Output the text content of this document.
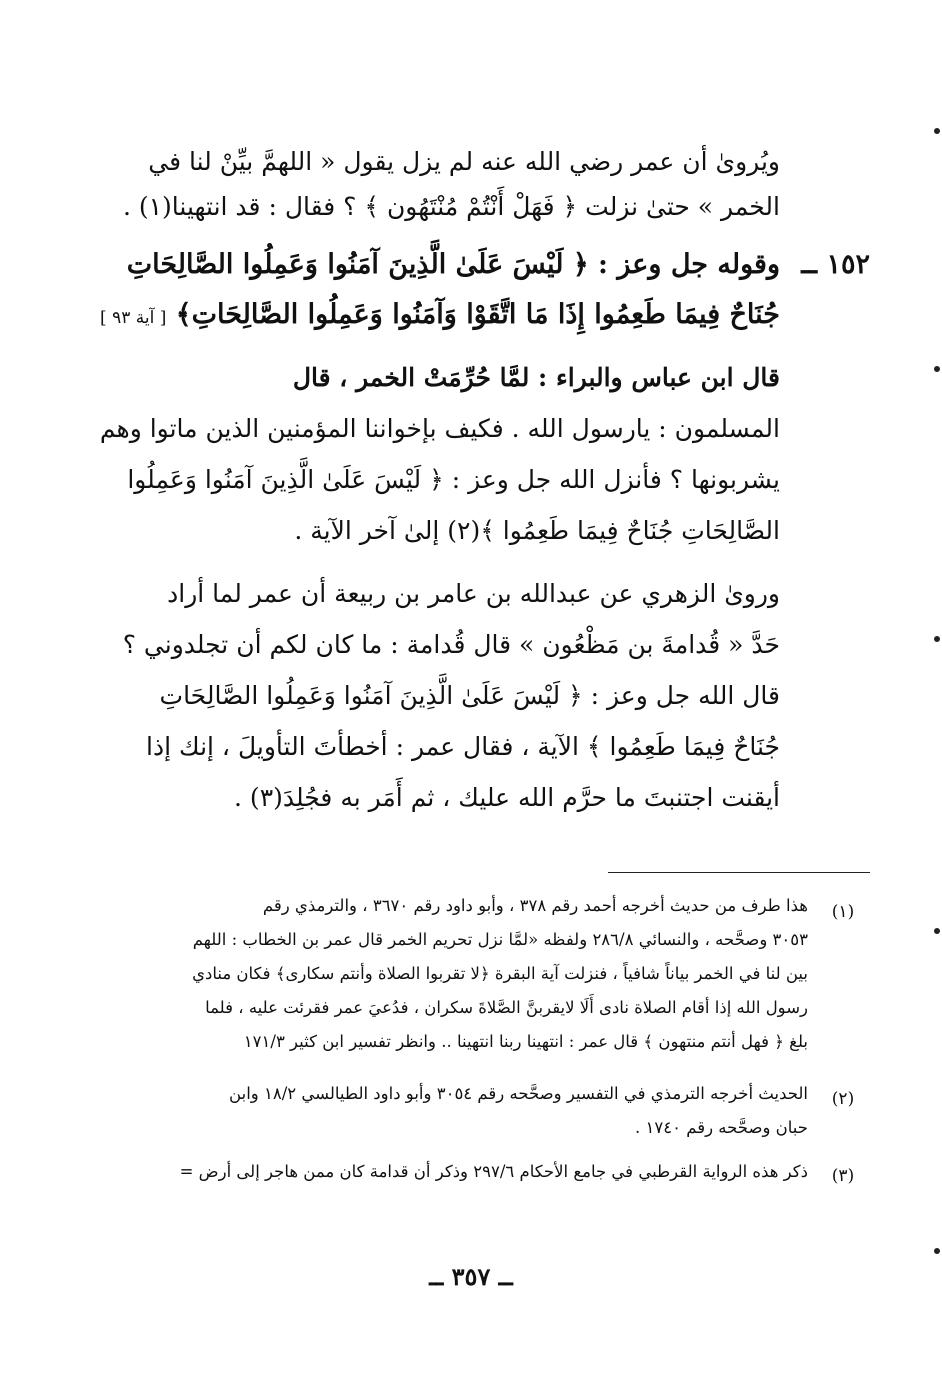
ويُروىٰ أن عمر رضي الله عنه لم يزل يقول « اللهمَّ بيِّنْ لنا في
الخمر » حتىٰ نزلت ﴿ فَهَلْ أَنْتُمْ مُنْتَهُون ﴾ ؟ فقال : قد انتهينا(١) .
١٥٢ ــ
وقوله جل وعز : ﴿ لَيْسَ عَلَىٰ الَّذِينَ آمَنُوا وَعَمِلُوا الصَّالِحَاتِ
جُنَاحٌ فِيمَا طَعِمُوا إِذَا مَا اتَّقَوْا وَآمَنُوا وَعَمِلُوا الصَّالِحَاتِ﴾ [ آية ٩٣ ]
قال ابن عباس والبراء : لمَّا حُرِّمَتْ الخمر ، قال
المسلمون : يارسول الله . فكيف بإخواننا المؤمنين الذين ماتوا وهم
يشربونها ؟ فأنزل الله جل وعز : ﴿ لَيْسَ عَلَىٰ الَّذِينَ آمَنُوا وَعَمِلُوا
الصَّالِحَاتِ جُنَاحٌ فِيمَا طَعِمُوا ﴾(٢) إلىٰ آخر الآية .
وروىٰ الزهري عن عبدالله بن عامر بن ربيعة أن عمر لما أراد
حَدَّ « قُدامةَ بن مَظْعُون » قال قُدامة : ما كان لكم أن تجلدوني ؟
قال الله جل وعز : ﴿ لَيْسَ عَلَىٰ الَّذِينَ آمَنُوا وَعَمِلُوا الصَّالِحَاتِ
جُنَاحٌ فِيمَا طَعِمُوا ﴾ الآية ، فقال عمر : أخطأتَ التأويلَ ، إنك إذا
أيقنت اجتنبتَ ما حرَّم الله عليك ، ثم أَمَر به فجُلِدَ(٣) .
(١)
هذا طرف من حديث أخرجه أحمد رقم ٣٧٨ ، وأبو داود رقم ٣٦٧٠ ، والترمذي رقم
٣٠٥٣ وصحَّحه ، والنسائي ٢٨٦/٨ ولفظه «لمَّا نزل تحريم الخمر قال عمر بن الخطاب : اللهم
بين لنا في الخمر بياناً شافياً ، فنزلت آية البقرة ﴿لا تقربوا الصلاة وأنتم سكارى﴾ فكان منادي
رسول الله إذا أقام الصلاة نادى أَلَا لايقربنَّ الصَّلاةَ سكران ، فدُعيَ عمر فقرئت عليه ، فلما
بلغ ﴿ فهل أنتم منتهون ﴾ قال عمر : انتهينا ربنا انتهينا .. وانظر تفسير ابن كثير ١٧١/٣
(٢)
الحديث أخرجه الترمذي في التفسير وصحَّحه رقم ٣٠٥٤ وأبو داود الطيالسي ١٨/٢ وابن
حبان وصحَّحه رقم ١٧٤٠ .
(٣)
ذكر هذه الرواية القرطبي في جامع الأحكام ٢٩٧/٦ وذكر أن قدامة كان ممن هاجر إلى أرض =
ــ ٣٥٧ ــ
